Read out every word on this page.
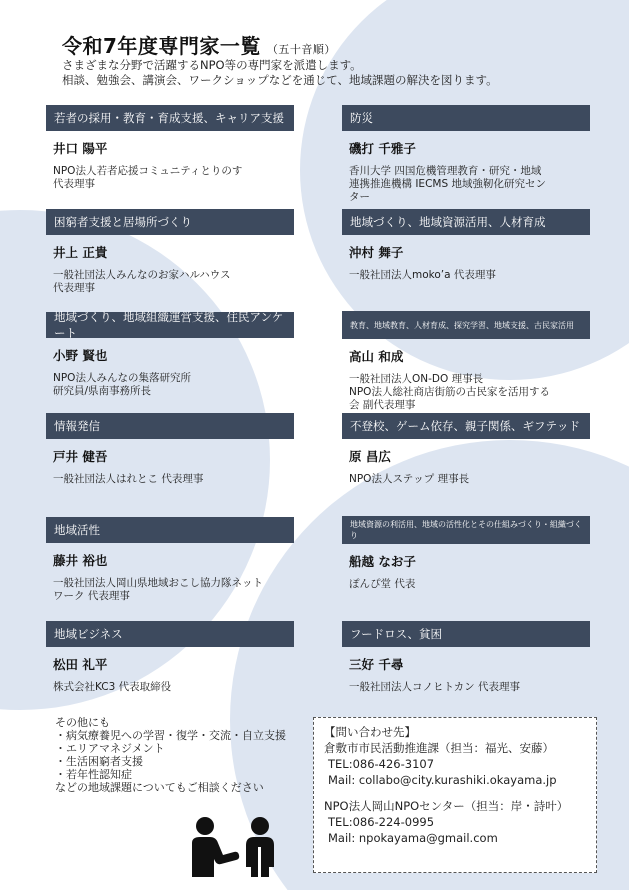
令和7年度専門家一覧 （五十音順）
さまざまな分野で活躍するNPO等の専門家を派遣します。
相談、勉強会、講演会、ワークショップなどを通じて、地域課題の解決を図ります。
若者の採用・教育・育成支援、キャリア支援
井口 陽平
NPO法人若者応援コミュニティとりのす
代表理事
防災
磯打 千雅子
香川大学 四国危機管理教育・研究・地域
連携推進機構 IECMS 地域強靭化研究セン
ター
困窮者支援と居場所づくり
井上 正貴
一般社団法人みんなのお家ハルハウス
代表理事
地域づくり、地域資源活用、人材育成
沖村 舞子
一般社団法人moko’a 代表理事
地域づくり、地域組織運営支援、住民アンケート
小野 賢也
NPO法人みんなの集落研究所
研究員/県南事務所長
教育、地域教育、人材育成、探究学習、地域支援、古民家活用
高山 和成
一般社団法人ON-DO 理事長
NPO法人総社商店街筋の古民家を活用する
会 副代表理事
情報発信
戸井 健吾
一般社団法人はれとこ 代表理事
不登校、ゲーム依存、親子関係、ギフテッド
原 昌広
NPO法人ステップ 理事長
地域活性
藤井 裕也
一般社団法人岡山県地域おこし協力隊ネット
ワーク 代表理事
地域資源の利活用、地域の活性化とその仕組みづくり・組織づくり
船越 なお子
ぽんぴ堂 代表
地域ビジネス
松田 礼平
株式会社KC3 代表取締役
フードロス、貧困
三好 千尋
一般社団法人コノヒトカン 代表理事
その他にも
・病気療養児への学習・復学・交流・自立支援
・エリアマネジメント
・生活困窮者支援
・若年性認知症
などの地域課題についてもご相談ください
【問い合わせ先】
倉敷市市民活動推進課（担当：福光、安藤）
TEL:086-426-3107
Mail: collabo@city.kurashiki.okayama.jp
NPO法人岡山NPOセンター（担当：岸・詩叶）
TEL:086-224-0995
Mail: npokayama@gmail.com
